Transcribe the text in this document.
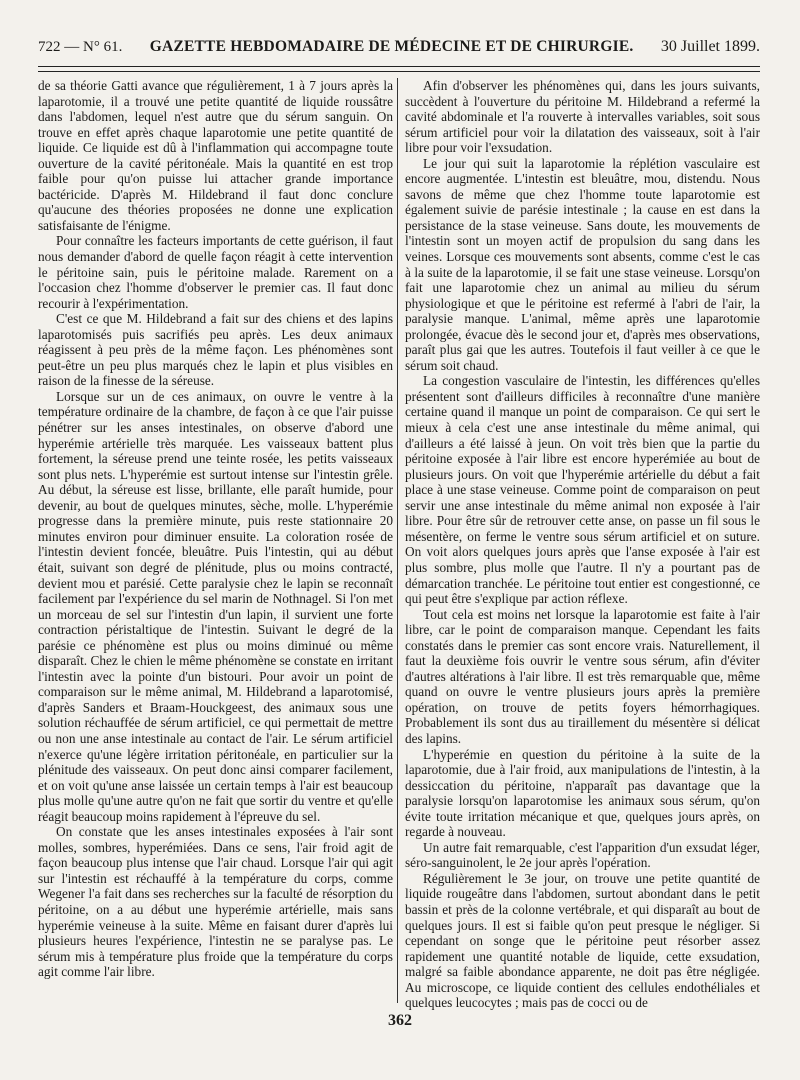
722 — N° 61. GAZETTE HEBDOMADAIRE DE MÉDECINE ET DE CHIRURGIE. 30 Juillet 1899.

de sa théorie Gatti avance que régulièrement, 1 à 7 jours après la laparotomie, il a trouvé une petite quantité de liquide roussâtre dans l'abdomen, lequel n'est autre que du sérum sanguin. On trouve en effet après chaque laparotomie une petite quantité de liquide. Ce liquide est dû à l'inflammation qui accompagne toute ouverture de la cavité péritonéale. Mais la quantité en est trop faible pour qu'on puisse lui attacher grande importance bactéricide. D'après M. Hildebrand il faut donc conclure qu'aucune des théories proposées ne donne une explication satisfaisante de l'énigme.

Pour connaître les facteurs importants de cette guérison, il faut nous demander d'abord de quelle façon réagit à cette intervention le péritoine sain, puis le péritoine malade. Rarement on a l'occasion chez l'homme d'observer le premier cas. Il faut donc recourir à l'expérimentation.

C'est ce que M. Hildebrand a fait sur des chiens et des lapins laparotomisés puis sacrifiés peu après. Les deux animaux réagissent à peu près de la même façon. Les phénomènes sont peut-être un peu plus marqués chez le lapin et plus visibles en raison de la finesse de la séreuse.

Lorsque sur un de ces animaux, on ouvre le ventre à la température ordinaire de la chambre, de façon à ce que l'air puisse pénétrer sur les anses intestinales, on observe d'abord une hyperémie artérielle très marquée. Les vaisseaux battent plus fortement, la séreuse prend une teinte rosée, les petits vaisseaux sont plus nets. L'hyperémie est surtout intense sur l'intestin grêle. Au début, la séreuse est lisse, brillante, elle paraît humide, pour devenir, au bout de quelques minutes, sèche, molle. L'hyperémie progresse dans la première minute, puis reste stationnaire 20 minutes environ pour diminuer ensuite. La coloration rosée de l'intestin devient foncée, bleuâtre. Puis l'intestin, qui au début était, suivant son degré de plénitude, plus ou moins contracté, devient mou et parésié. Cette paralysie chez le lapin se reconnaît facilement par l'expérience du sel marin de Nothnagel. Si l'on met un morceau de sel sur l'intestin d'un lapin, il survient une forte contraction péristaltique de l'intestin. Suivant le degré de la parésie ce phénomène est plus ou moins diminué ou même disparaît. Chez le chien le même phénomène se constate en irritant l'intestin avec la pointe d'un bistouri. Pour avoir un point de comparaison sur le même animal, M. Hildebrand a laparotomisé, d'après Sanders et Braam-Houckgeest, des animaux sous une solution réchauffée de sérum artificiel, ce qui permettait de mettre ou non une anse intestinale au contact de l'air. Le sérum artificiel n'exerce qu'une légère irritation péritonéale, en particulier sur la plénitude des vaisseaux. On peut donc ainsi comparer facilement, et on voit qu'une anse laissée un certain temps à l'air est beaucoup plus molle qu'une autre qu'on ne fait que sortir du ventre et qu'elle réagit beaucoup moins rapidement à l'épreuve du sel.

On constate que les anses intestinales exposées à l'air sont molles, sombres, hyperémiées. Dans ce sens, l'air froid agit de façon beaucoup plus intense que l'air chaud. Lorsque l'air qui agit sur l'intestin est réchauffé à la température du corps, comme Wegener l'a fait dans ses recherches sur la faculté de résorption du péritoine, on a au début une hyperémie artérielle, mais sans hyperémie veineuse à la suite. Même en faisant durer d'après lui plusieurs heures l'expérience, l'intestin ne se paralyse pas. Le sérum mis à température plus froide que la température du corps agit comme l'air libre.

Afin d'observer les phénomènes qui, dans les jours suivants, succèdent à l'ouverture du péritoine M. Hildebrand a refermé la cavité abdominale et l'a rouverte à intervalles variables, soit sous sérum artificiel pour voir la dilatation des vaisseaux, soit à l'air libre pour voir l'exsudation.

Le jour qui suit la laparotomie la réplétion vasculaire est encore augmentée. L'intestin est bleuâtre, mou, distendu. Nous savons de même que chez l'homme toute laparotomie est également suivie de parésie intestinale ; la cause en est dans la persistance de la stase veineuse. Sans doute, les mouvements de l'intestin sont un moyen actif de propulsion du sang dans les veines. Lorsque ces mouvements sont absents, comme c'est le cas à la suite de la laparotomie, il se fait une stase veineuse. Lorsqu'on fait une laparotomie chez un animal au milieu du sérum physiologique et que le péritoine est refermé à l'abri de l'air, la paralysie manque. L'animal, même après une laparotomie prolongée, évacue dès le second jour et, d'après mes observations, paraît plus gai que les autres. Toutefois il faut veiller à ce que le sérum soit chaud.

La congestion vasculaire de l'intestin, les différences qu'elles présentent sont d'ailleurs difficiles à reconnaître d'une manière certaine quand il manque un point de comparaison. Ce qui sert le mieux à cela c'est une anse intestinale du même animal, qui d'ailleurs a été laissé à jeun. On voit très bien que la partie du péritoine exposée à l'air libre est encore hyperémiée au bout de plusieurs jours. On voit que l'hyperémie artérielle du début a fait place à une stase veineuse. Comme point de comparaison on peut servir une anse intestinale du même animal non exposée à l'air libre. Pour être sûr de retrouver cette anse, on passe un fil sous le mésentère, on ferme le ventre sous sérum artificiel et on suture. On voit alors quelques jours après que l'anse exposée à l'air est plus sombre, plus molle que l'autre. Il n'y a pourtant pas de démarcation tranchée. Le péritoine tout entier est congestionné, ce qui peut être s'explique par action réflexe.

Tout cela est moins net lorsque la laparotomie est faite à l'air libre, car le point de comparaison manque. Cependant les faits constatés dans le premier cas sont encore vrais. Naturellement, il faut la deuxième fois ouvrir le ventre sous sérum, afin d'éviter d'autres altérations à l'air libre. Il est très remarquable que, même quand on ouvre le ventre plusieurs jours après la première opération, on trouve de petits foyers hémorrhagiques. Probablement ils sont dus au tiraillement du mésentère si délicat des lapins.

L'hyperémie en question du péritoine à la suite de la laparotomie, due à l'air froid, aux manipulations de l'intestin, à la dessiccation du péritoine, n'apparaît pas davantage que la paralysie lorsqu'on laparotomise les animaux sous sérum, qu'on évite toute irritation mécanique et que, quelques jours après, on regarde à nouveau.

Un autre fait remarquable, c'est l'apparition d'un exsudat léger, séro-sanguinolent, le 2e jour après l'opération.

Régulièrement le 3e jour, on trouve une petite quantité de liquide rougeâtre dans l'abdomen, surtout abondant dans le petit bassin et près de la colonne vertébrale, et qui disparaît au bout de quelques jours. Il est si faible qu'on peut presque le négliger. Si cependant on songe que le péritoine peut résorber assez rapidement une quantité notable de liquide, cette exsudation, malgré sa faible abondance apparente, ne doit pas être négligée. Au microscope, ce liquide contient des cellules endothéliales et quelques leucocytes ; mais pas de cocci ou de

362
